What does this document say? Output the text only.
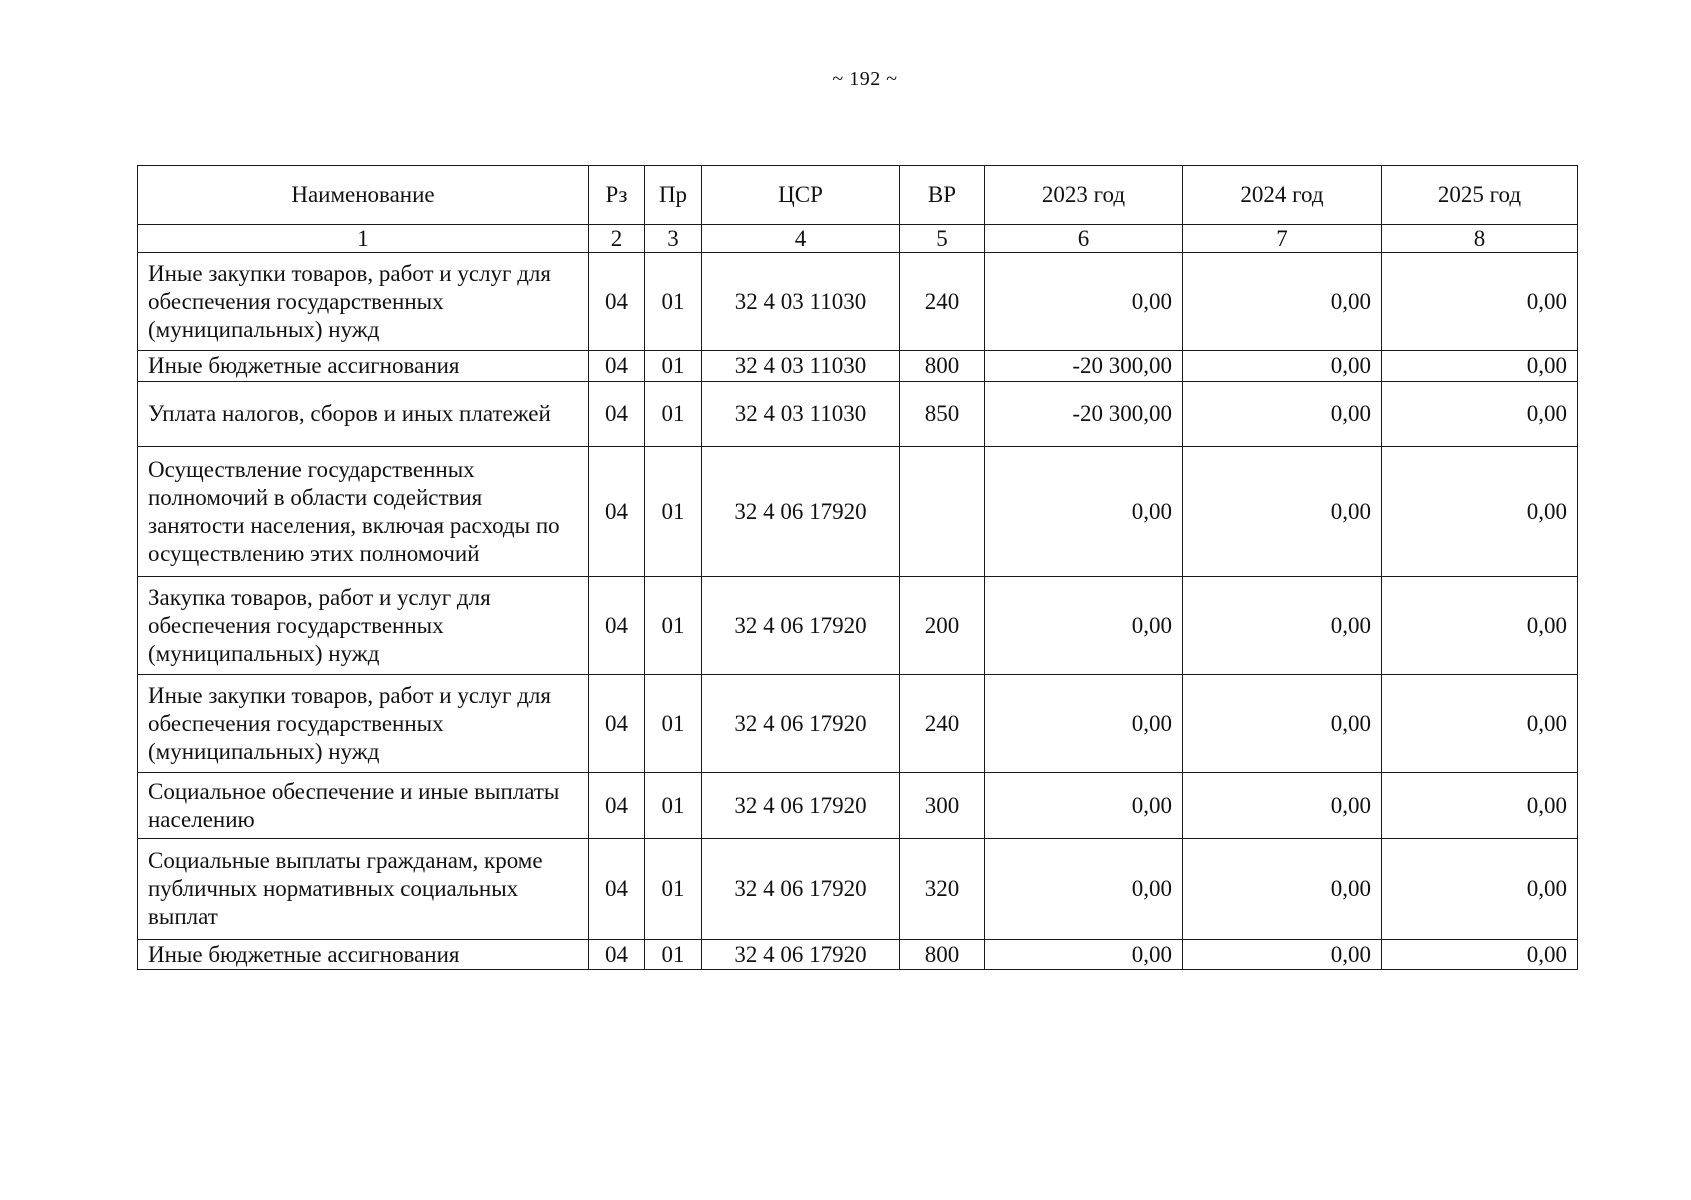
~ 192 ~
Наименование	Рз	Пр	ЦСР	ВР	2023 год	2024 год	2025 год
1	2	3	4	5	6	7	8
Иные закупки товаров, работ и услуг для обеспечения государственных (муниципальных) нужд	04	01	32 4 03 11030	240	0,00	0,00	0,00
Иные бюджетные ассигнования	04	01	32 4 03 11030	800	-20 300,00	0,00	0,00
Уплата налогов, сборов и иных платежей	04	01	32 4 03 11030	850	-20 300,00	0,00	0,00
Осуществление государственных полномочий в области содействия занятости населения, включая расходы по осуществлению этих полномочий	04	01	32 4 06 17920		0,00	0,00	0,00
Закупка товаров, работ и услуг для обеспечения государственных (муниципальных) нужд	04	01	32 4 06 17920	200	0,00	0,00	0,00
Иные закупки товаров, работ и услуг для обеспечения государственных (муниципальных) нужд	04	01	32 4 06 17920	240	0,00	0,00	0,00
Социальное обеспечение и иные выплаты населению	04	01	32 4 06 17920	300	0,00	0,00	0,00
Социальные выплаты гражданам, кроме публичных нормативных социальных выплат	04	01	32 4 06 17920	320	0,00	0,00	0,00
Иные бюджетные ассигнования	04	01	32 4 06 17920	800	0,00	0,00	0,00
